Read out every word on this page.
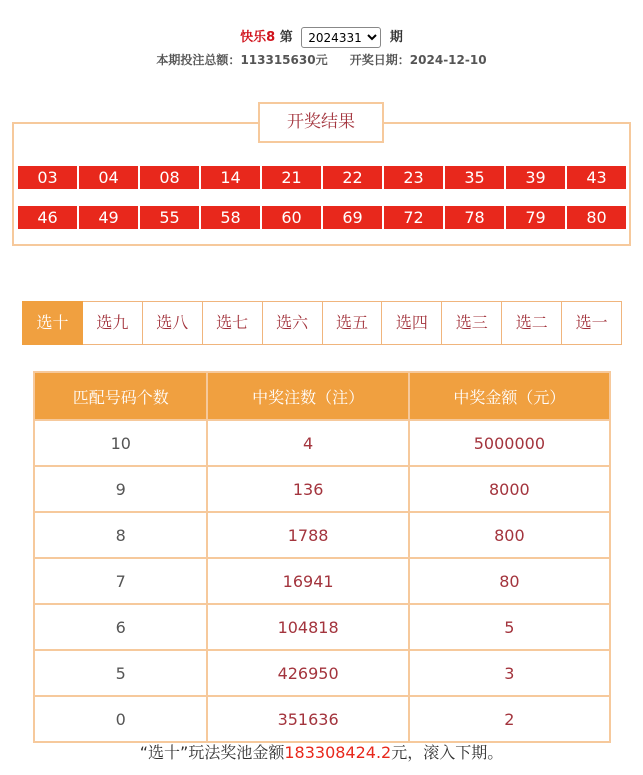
快乐8 第
2024331	期
本期投注总额：113315630元 开奖日期：2024-12-10
开奖结果
03	04	08	14	21	22	23	35	39	43
46	49	55	58	60	69	72	78	79	80
选十	选九	选八	选七	选六	选五	选四	选三	选二	选一
匹配号码个数	中奖注数（注）	中奖金额（元）
10	4	5000000
9	136	8000
8	1788	800
7	16941	80
6	104818	5
5	426950	3
0	351636	2
“选十”玩法奖池金额183308424.2元，滚入下期。
